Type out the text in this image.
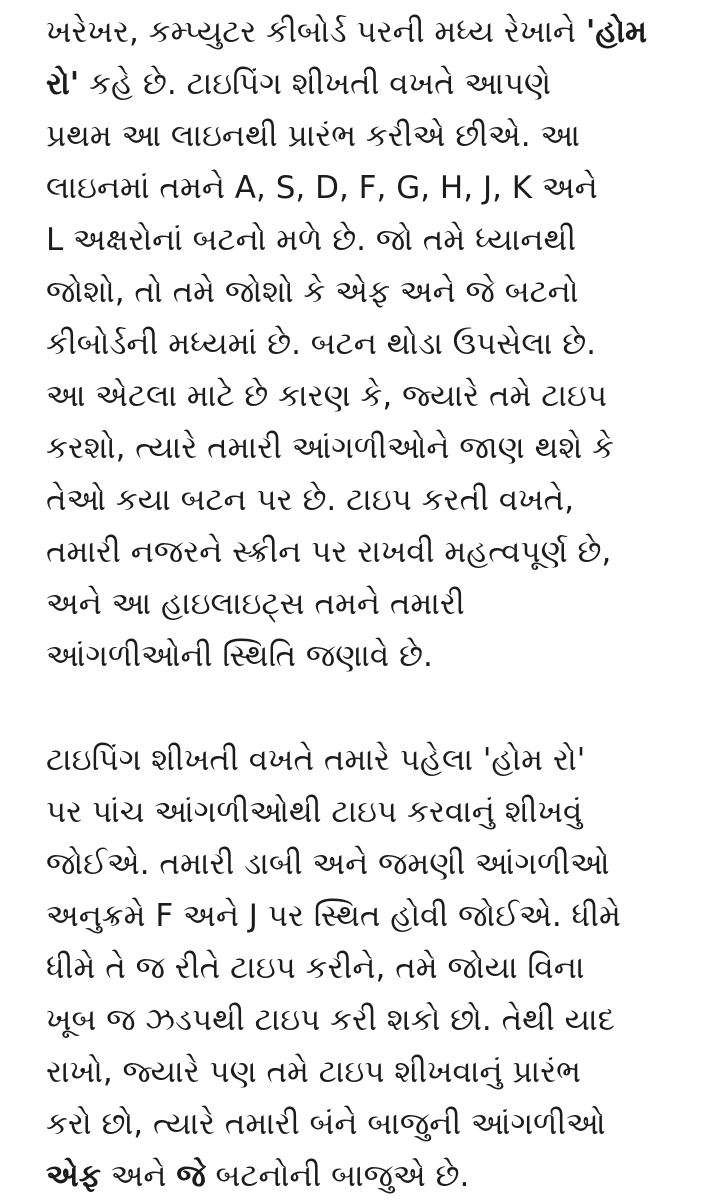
ખરેખર, કમ્પ્યુટર કીબોર્ડ પરની મધ્ય રેખાને 'હોમ
રો' કહે છે. ટાઇપિંગ શીખતી વખતે આપણે
પ્રથમ આ લાઇનથી પ્રારંભ કરીએ છીએ. આ
લાઇનમાં તમને A, S, D, F, G, H, J, K અને
L અક્ષરોનાં બટનો મળે છે. જો તમે ધ્યાનથી
જોશો, તો તમે જોશો કે એફ અને જે બટનો
કીબોર્ડની મધ્યમાં છે. બટન થોડા ઉપસેલા છે.
આ એટલા માટે છે કારણ કે, જ્યારે તમે ટાઇપ
કરશો, ત્યારે તમારી આંગળીઓને જાણ થશે કે
તેઓ કયા બટન પર છે. ટાઇપ કરતી વખતે,
તમારી નજરને સ્ક્રીન પર રાખવી મહત્વપૂર્ણ છે,
અને આ હાઇલાઇટ્સ તમને તમારી
આંગળીઓની સ્થિતિ જણાવે છે.

ટાઇપિંગ શીખતી વખતે તમારે પહેલા 'હોમ રો'
પર પાંચ આંગળીઓથી ટાઇપ કરવાનું શીખવું
જોઈએ. તમારી ડાબી અને જમણી આંગળીઓ
અનુક્રમે F અને J પર સ્થિત હોવી જોઈએ. ધીમે
ધીમે તે જ રીતે ટાઇપ કરીને, તમે જોયા વિના
ખૂબ જ ઝડપથી ટાઇપ કરી શકો છો. તેથી યાદ
રાખો, જ્યારે પણ તમે ટાઇપ શીખવાનું પ્રારંભ
કરો છો, ત્યારે તમારી બંને બાજુની આંગળીઓ
એફ અને જે બટનોની બાજુએ છે.
